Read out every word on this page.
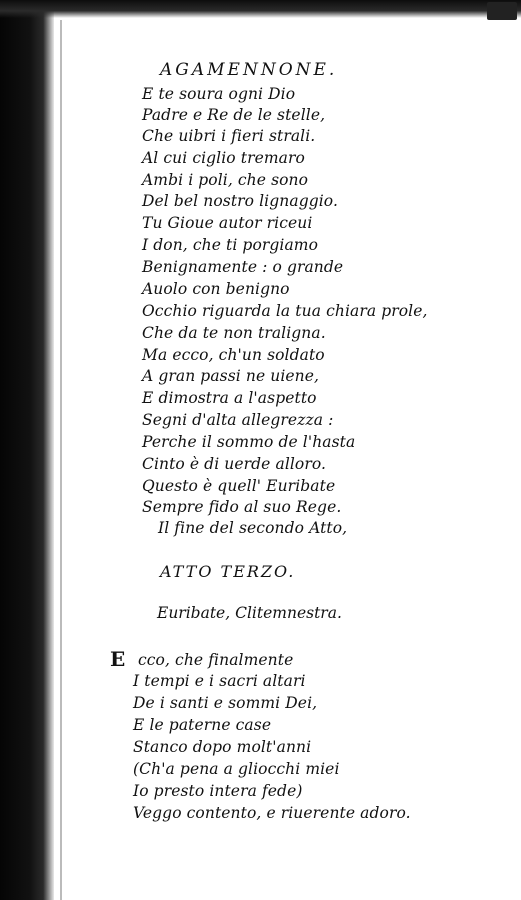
AGAMENNONE.
E te soura ogni Dio
Padre e Re de le stelle,
Che uibri i fieri strali.
Al cui ciglio tremaro
Ambi i poli, che sono
Del bel nostro lignaggio.
Tu Gioue autor riceui
I don, che ti porgiamo
Benignamente : o grande
Auolo con benigno
Occhio riguarda la tua chiara prole,
Che da te non traligna.
Ma ecco, ch'un soldato
A gran passi ne uiene,
E dimostra a l'aspetto
Segni d'alta allegrezza :
Perche il sommo de l'hasta
Cinto è di uerde alloro.
Questo è quell' Euribate
Sempre fido al suo Rege.
Il fine del secondo Atto,
ATTO TERZO.
Euribate, Clitemnestra.
E cco, che finalmente
I tempi e i sacri altari
De i santi e sommi Dei,
E le paterne case
Stanco dopo molt'anni
(Ch'a pena a gliocchi miei
Io presto intera fede)
Veggo contento, e riuerente adoro.
